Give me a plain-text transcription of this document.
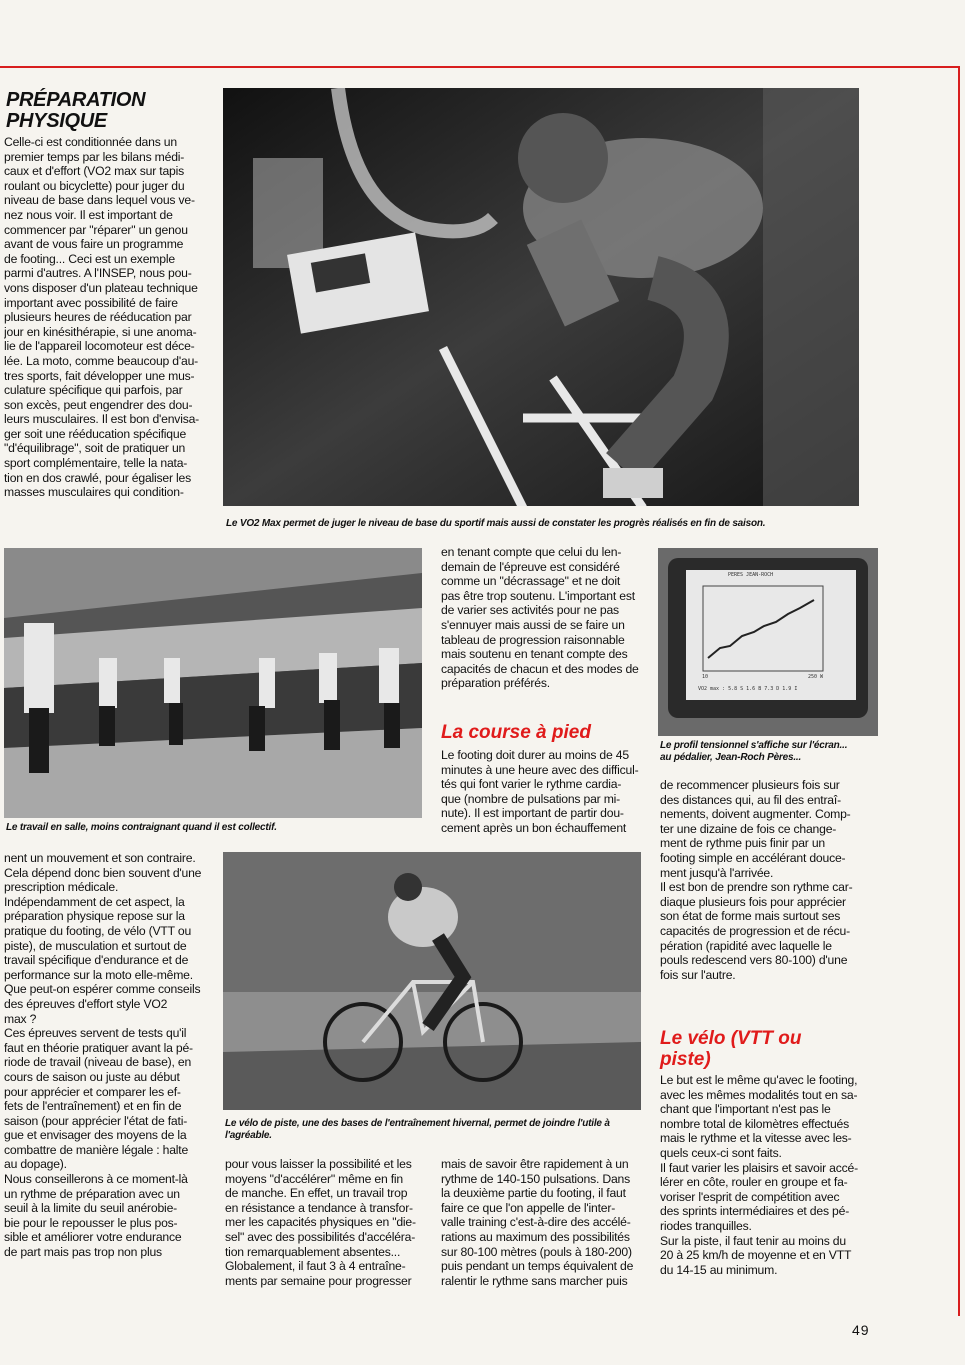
PRÉPARATION
PHYSIQUE

Celle-ci est conditionnée dans un
premier temps par les bilans médi-
caux et d'effort (VO2 max sur tapis
roulant ou bicyclette) pour juger du
niveau de base dans lequel vous ve-
nez nous voir. Il est important de
commencer par "réparer" un genou
avant de vous faire un programme
de footing... Ceci est un exemple
parmi d'autres. A l'INSEP, nous pou-
vons disposer d'un plateau technique
important avec possibilité de faire
plusieurs heures de rééducation par
jour en kinésithérapie, si une anoma-
lie de l'appareil locomoteur est décе-
lée. La moto, comme beaucoup d'au-
tres sports, fait développer une mus-
culature spécifique qui parfois, par
son excès, peut engendrer des dou-
leurs musculaires. Il est bon d'envisa-
ger soit une rééducation spécifique
"d'équilibrage", soit de pratiquer un
sport complémentaire, telle la nata-
tion en dos crawlé, pour égaliser les
masses musculaires qui condition-

Le VO2 Max permet de juger le niveau de base du sportif mais aussi de constater les progrès réalisés en fin de saison.

Le travail en salle, moins contraignant quand il est collectif.

en tenant compte que celui du len-
demain de l'épreuve est considéré
comme un "décrassage" et ne doit
pas être trop soutenu. L'important est
de varier ses activités pour ne pas
s'ennuyer mais aussi de se faire un
tableau de progression raisonnable
mais soutenu en tenant compte des
capacités de chacun et des modes de
préparation préférés.

La course à pied

Le footing doit durer au moins de 45
minutes à une heure avec des difficul-
tés qui font varier le rythme cardia-
que (nombre de pulsations par mi-
nute). Il est important de partir dou-
cement après un bon échauffement

PERES JEAN-ROCH
10	250 W
VO2 max : 5.8 S 1.6 B 7.3 D 1.9 I

Le profil tensionnel s'affiche sur l'écran...
au pédalier, Jean-Roch Pères...

de recommencer plusieurs fois sur
des distances qui, au fil des entraî-
nements, doivent augmenter. Comp-
ter une dizaine de fois ce change-
ment de rythme puis finir par un
footing simple en accélérant douce-
ment jusqu'à l'arrivée.
Il est bon de prendre son rythme car-
diaque plusieurs fois pour apprécier
son état de forme mais surtout ses
capacités de progression et de récu-
pération (rapidité avec laquelle le
pouls redescend vers 80-100) d'une
fois sur l'autre.

Le vélo (VTT ou
piste)

Le but est le même qu'avec le footing,
avec les mêmes modalités tout en sa-
chant que l'important n'est pas le
nombre total de kilomètres effectués
mais le rythme et la vitesse avec les-
quels ceux-ci sont faits.
Il faut varier les plaisirs et savoir accé-
lérer en côte, rouler en groupe et fa-
voriser l'esprit de compétition avec
des sprints intermédiaires et des pé-
riodes tranquilles.
Sur la piste, il faut tenir au moins du
20 à 25 km/h de moyenne et en VTT
du 14-15 au minimum.

Le vélo de piste, une des bases de l'entraînement hivernal, permet de joindre l'utile à
l'agréable.

nent un mouvement et son contraire.
Cela dépend donc bien souvent d'une
prescription médicale.
Indépendamment de cet aspect, la
préparation physique repose sur la
pratique du footing, de vélo (VTT ou
piste), de musculation et surtout de
travail spécifique d'endurance et de
performance sur la moto elle-même.
Que peut-on espérer comme conseils
des épreuves d'effort style VO2
max ?
Ces épreuves servent de tests qu'il
faut en théorie pratiquer avant la pé-
riode de travail (niveau de base), en
cours de saison ou juste au début
pour apprécier et comparer les ef-
fets de l'entraînement) et en fin de
saison (pour apprécier l'état de fati-
gue et envisager des moyens de la
combattre de manière légale : halte
au dopage).
Nous conseillerons à ce moment-là
un rythme de préparation avec un
seuil à la limite du seuil anérobie-
bie pour le repousser le plus pos-
sible et améliorer votre endurance
de part mais pas trop non plus

pour vous laisser la possibilité et les
moyens "d'accélérer" même en fin
de manche. En effet, un travail trop
en résistance a tendance à transfor-
mer les capacités physiques en "die-
sel" avec des possibilités d'accéléra-
tion remarquablement absentes...
Globalement, il faut 3 à 4 entraîne-
ments par semaine pour progresser

mais de savoir être rapidement à un
rythme de 140-150 pulsations. Dans
la deuxième partie du footing, il faut
faire ce que l'on appelle de l'inter-
valle training c'est-à-dire des accélé-
rations au maximum des possibilités
sur 80-100 mètres (pouls à 180-200)
puis pendant un temps équivalent de
ralentir le rythme sans marcher puis

49
